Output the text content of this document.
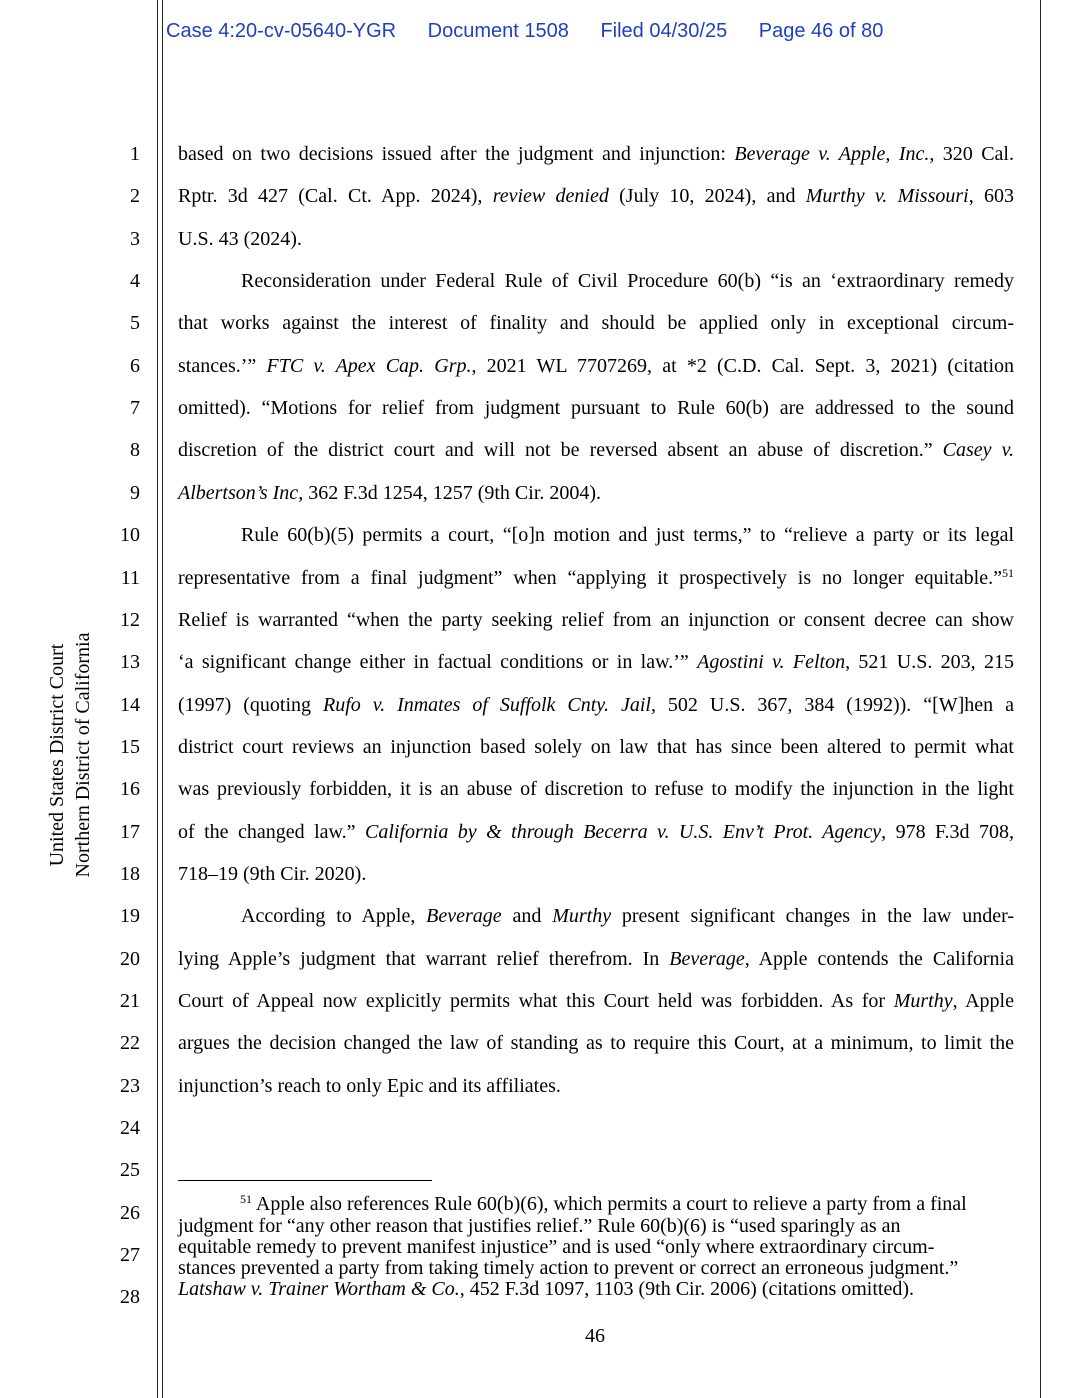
Case 4:20-cv-05640-YGR Document 1508 Filed 04/30/25 Page 46 of 80
United States District Court Northern District of California
1
2
3
4
5
6
7
8
9
10
11
12
13
14
15
16
17
18
19
20
21
22
23
24
25
26
27
28
based on two decisions issued after the judgment and injunction: Beverage v. Apple, Inc., 320 Cal.
Rptr. 3d 427 (Cal. Ct. App. 2024), review denied (July 10, 2024), and Murthy v. Missouri, 603
U.S. 43 (2024).
Reconsideration under Federal Rule of Civil Procedure 60(b) “is an ‘extraordinary remedy
that works against the interest of finality and should be applied only in exceptional circum-
stances.’” FTC v. Apex Cap. Grp., 2021 WL 7707269, at *2 (C.D. Cal. Sept. 3, 2021) (citation
omitted). “Motions for relief from judgment pursuant to Rule 60(b) are addressed to the sound
discretion of the district court and will not be reversed absent an abuse of discretion.” Casey v.
Albertson’s Inc, 362 F.3d 1254, 1257 (9th Cir. 2004).
Rule 60(b)(5) permits a court, “[o]n motion and just terms,” to “relieve a party or its legal
representative from a final judgment” when “applying it prospectively is no longer equitable.”$^{51}$
Relief is warranted “when the party seeking relief from an injunction or consent decree can show
‘a significant change either in factual conditions or in law.’” Agostini v. Felton, 521 U.S. 203, 215
(1997) (quoting Rufo v. Inmates of Suffolk Cnty. Jail, 502 U.S. 367, 384 (1992)). “[W]hen a
district court reviews an injunction based solely on law that has since been altered to permit what
was previously forbidden, it is an abuse of discretion to refuse to modify the injunction in the light
of the changed law.” California by & through Becerra v. U.S. Env’t Prot. Agency, 978 F.3d 708,
718–19 (9th Cir. 2020).
According to Apple, Beverage and Murthy present significant changes in the law under-
lying Apple’s judgment that warrant relief therefrom. In Beverage, Apple contends the California
Court of Appeal now explicitly permits what this Court held was forbidden. As for Murthy, Apple
argues the decision changed the law of standing as to require this Court, at a minimum, to limit the
injunction’s reach to only Epic and its affiliates.
$^{51}$ Apple also references Rule 60(b)(6), which permits a court to relieve a party from a final
judgment for “any other reason that justifies relief.” Rule 60(b)(6) is “used sparingly as an
equitable remedy to prevent manifest injustice” and is used “only where extraordinary circum-
stances prevented a party from taking timely action to prevent or correct an erroneous judgment.”
Latshaw v. Trainer Wortham & Co., 452 F.3d 1097, 1103 (9th Cir. 2006) (citations omitted).
46
